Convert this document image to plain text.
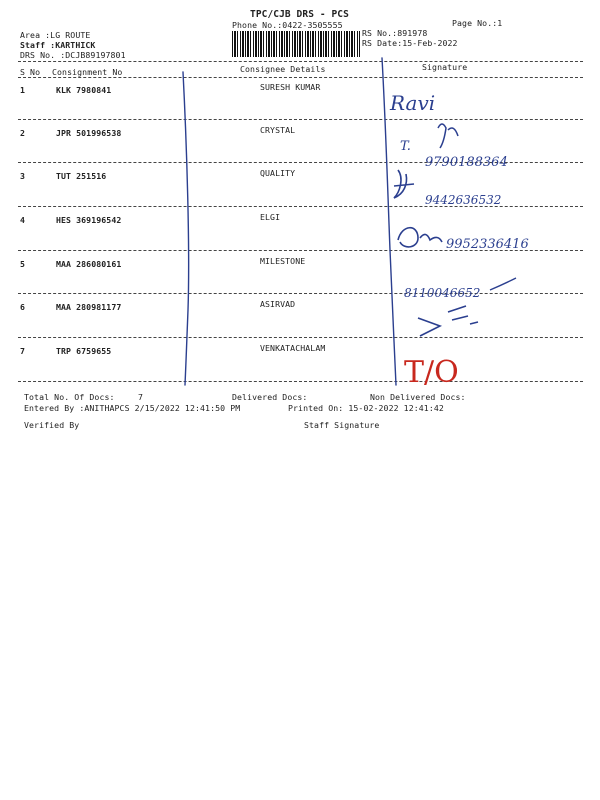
TPC/CJB DRS - PCS
Phone No.:0422-3505555	Page No.:1
Area :LG ROUTE
Staff :KARTHICK
DRS No. :DCJB89197801
RS No.:891978
RS Date:15-Feb-2022
S No Consignment No	Consignee Details	Signature
1	KLK 7980841	SURESH KUMAR
2	JPR 501996538	CRYSTAL
3	TUT 251516	QUALITY
4	HES 369196542	ELGI
5	MAA 286080161	MILESTONE
6	MAA 280981177	ASIRVAD
7	TRP 6759655	VENKATACHALAM
Ravi
T.
9790188364
9442636532
9952336416
8110046652
T/O
Total No. Of Docs:	7	Delivered Docs:	Non Delivered Docs:
Entered By :ANITHAPCS 2/15/2022 12:41:50 PM	Printed On: 15-02-2022 12:41:42
Verified By	Staff Signature
